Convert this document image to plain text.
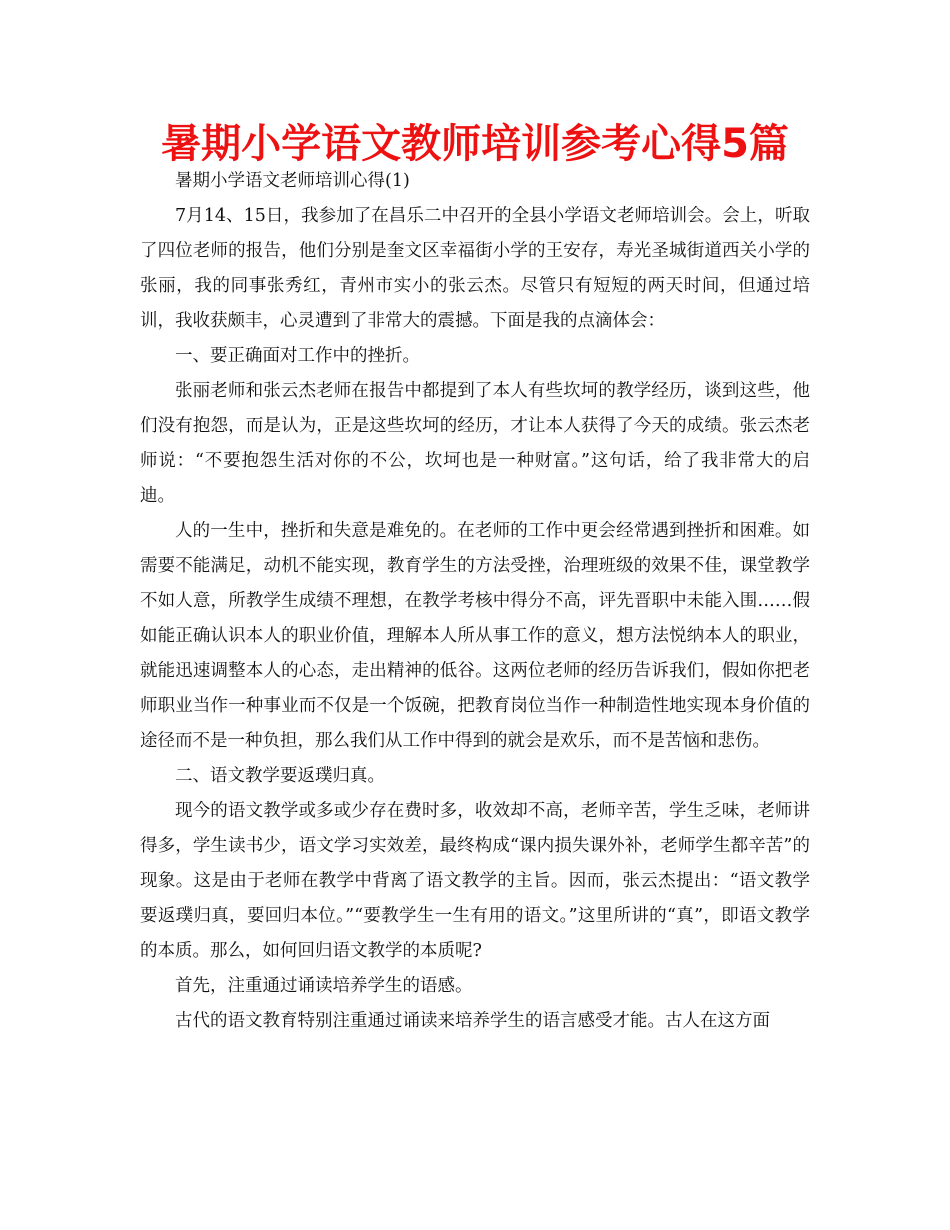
暑期小学语文教师培训参考心得5篇

暑期小学语文老师培训心得(1)

7月14、15日，我参加了在昌乐二中召开的全县小学语文老师培训会。会上，听取了四位老师的报告，他们分别是奎文区幸福街小学的王安存，寿光圣城街道西关小学的张丽，我的同事张秀红，青州市实小的张云杰。尽管只有短短的两天时间，但通过培训，我收获颇丰，心灵遭到了非常大的震撼。下面是我的点滴体会：

一、要正确面对工作中的挫折。

张丽老师和张云杰老师在报告中都提到了本人有些坎坷的教学经历，谈到这些，他们没有抱怨，而是认为，正是这些坎坷的经历，才让本人获得了今天的成绩。张云杰老师说：“不要抱怨生活对你的不公，坎坷也是一种财富。”这句话，给了我非常大的启迪。

人的一生中，挫折和失意是难免的。在老师的工作中更会经常遇到挫折和困难。如需要不能满足，动机不能实现，教育学生的方法受挫，治理班级的效果不佳，课堂教学不如人意，所教学生成绩不理想，在教学考核中得分不高，评先晋职中未能入围……假如能正确认识本人的职业价值，理解本人所从事工作的意义，想方法悦纳本人的职业，就能迅速调整本人的心态，走出精神的低谷。这两位老师的经历告诉我们，假如你把老师职业当作一种事业而不仅是一个饭碗，把教育岗位当作一种制造性地实现本身价值的途径而不是一种负担，那么我们从工作中得到的就会是欢乐，而不是苦恼和悲伤。

二、语文教学要返璞归真。

现今的语文教学或多或少存在费时多，收效却不高，老师辛苦，学生乏味，老师讲得多，学生读书少，语文学习实效差，最终构成“课内损失课外补，老师学生都辛苦”的现象。这是由于老师在教学中背离了语文教学的主旨。因而，张云杰提出：“语文教学要返璞归真，要回归本位。”“要教学生一生有用的语文。”这里所讲的“真”，即语文教学的本质。那么，如何回归语文教学的本质呢?

首先，注重通过诵读培养学生的语感。

古代的语文教育特别注重通过诵读来培养学生的语言感受才能。古人在这方面
